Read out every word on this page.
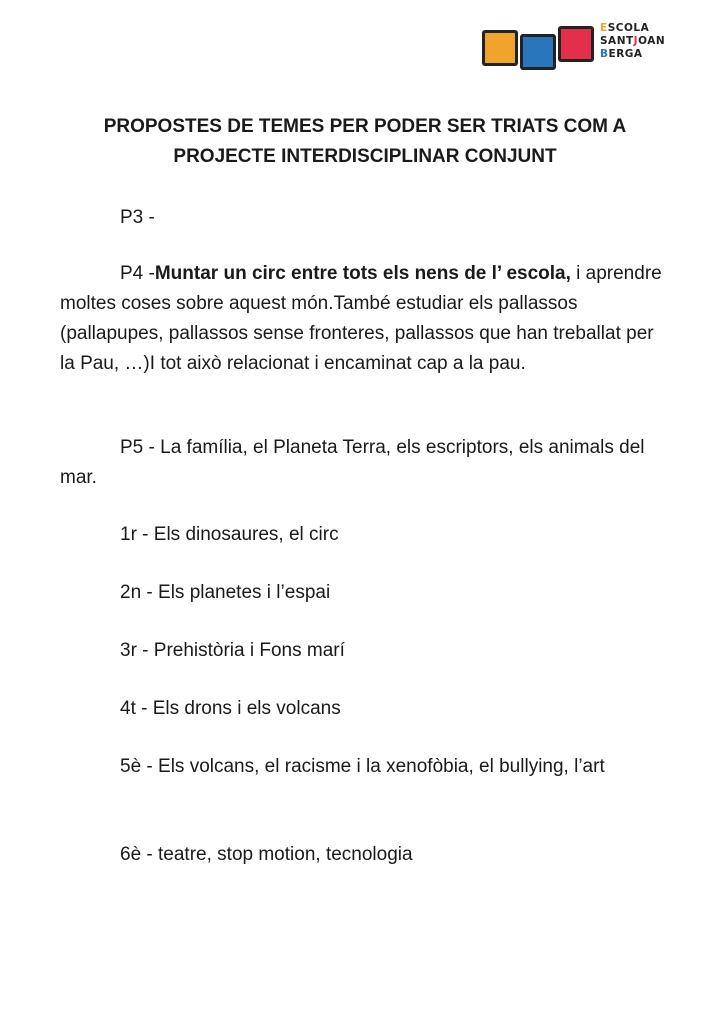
ESCOLA
SANTJOAN
BERGA
PROPOSTES DE TEMES PER PODER SER TRIATS COM A
PROJECTE INTERDISCIPLINAR CONJUNT
P3 -
P4 -Muntar un circ entre tots els nens de l’ escola, i aprendre moltes coses sobre aquest món.També estudiar els pallassos (pallapupes, pallassos sense fronteres, pallassos que han treballat per la Pau, …)I tot això relacionat i encaminat cap a la pau.
P5 - La família, el Planeta Terra, els escriptors, els animals del mar.
1r - Els dinosaures, el circ
2n - Els planetes i l’espai
3r - Prehistòria i Fons marí
4t - Els drons i els volcans
5è - Els volcans, el racisme i la xenofòbia, el bullying, l’art
6è - teatre, stop motion, tecnologia
